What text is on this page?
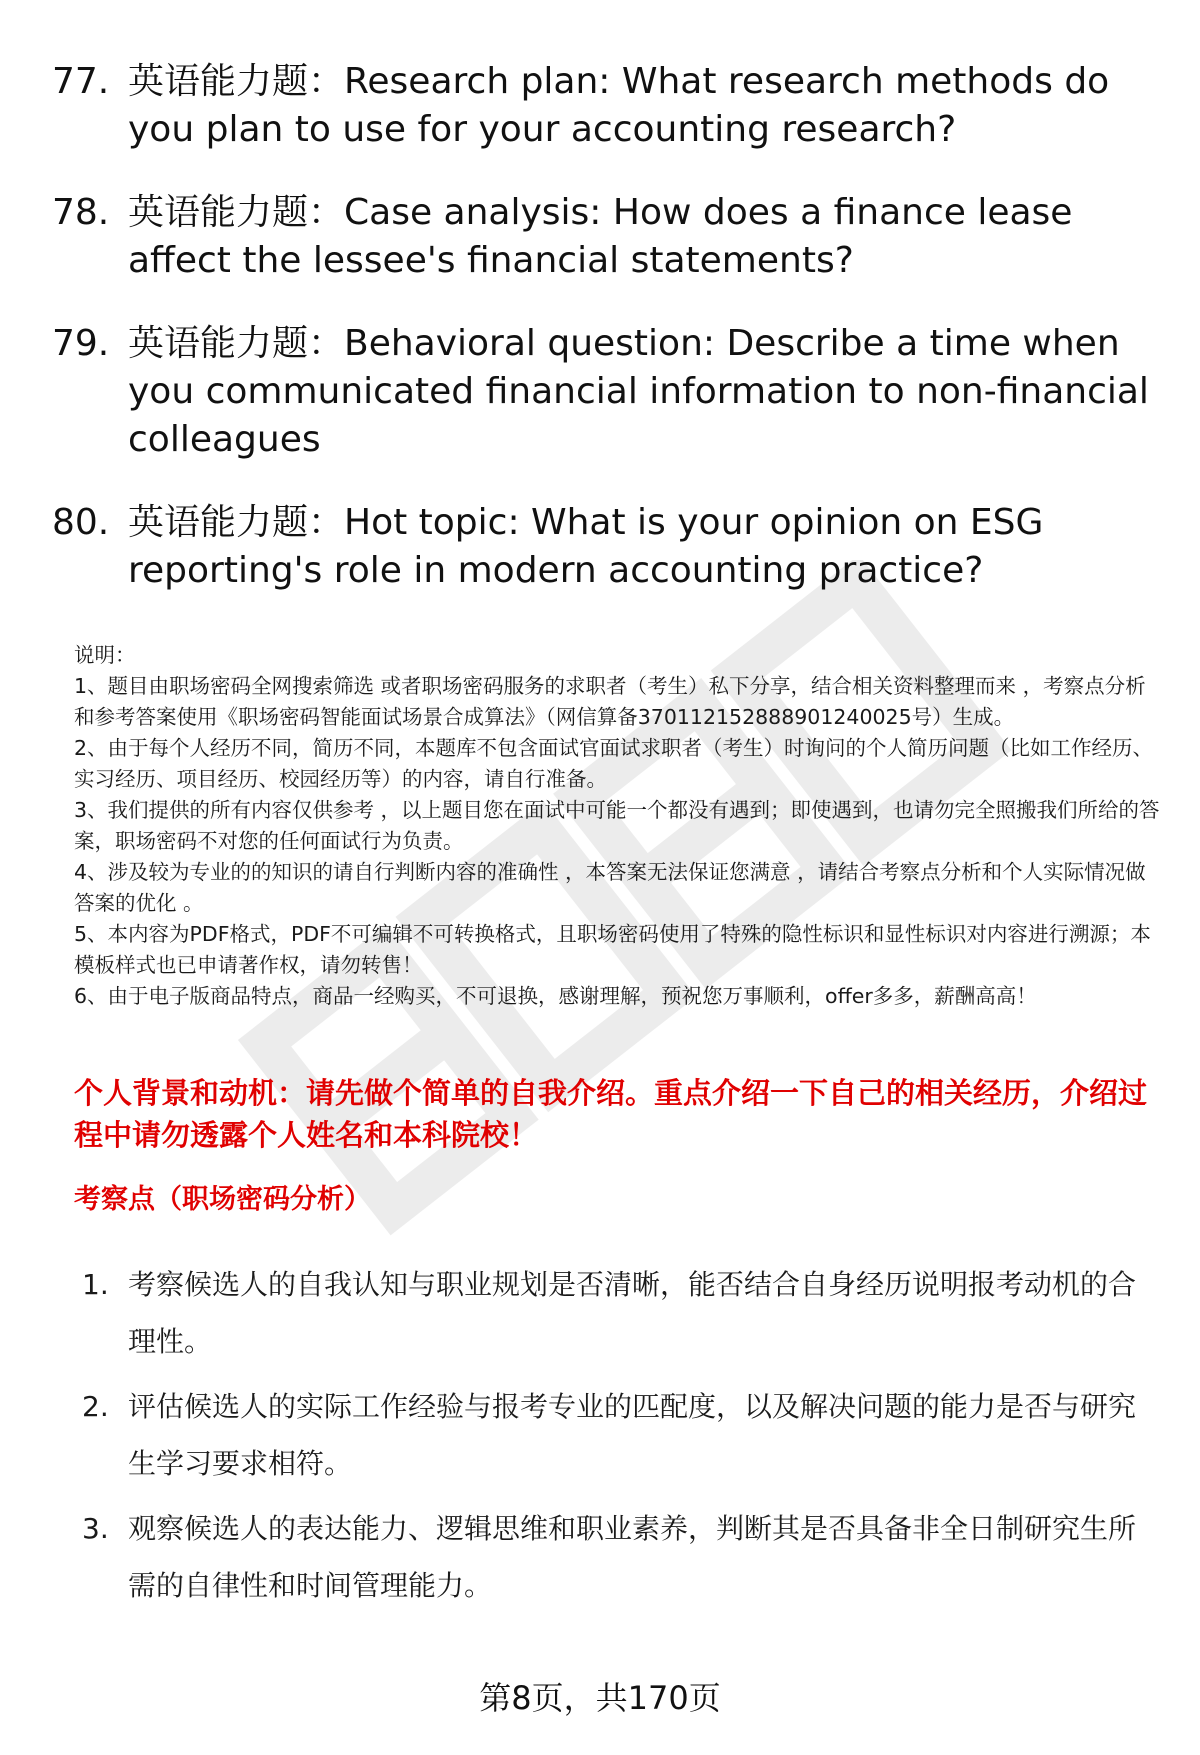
77. 英语能力题：Research plan: What research methods do you plan to use for your accounting research?
78. 英语能力题：Case analysis: How does a finance lease affect the lessee's financial statements?
79. 英语能力题：Behavioral question: Describe a time when you communicated financial information to non-financial colleagues
80. 英语能力题：Hot topic: What is your opinion on ESG reporting's role in modern accounting practice?

说明：

1、题目由职场密码全网搜索筛选 或者职场密码服务的求职者（考生）私下分享，结合相关资料整理而来 ，考察点分析和参考答案使用《职场密码智能面试场景合成算法》（网信算备370112152888901240025号）生成。

2、由于每个人经历不同，简历不同，本题库不包含面试官面试求职者（考生）时询问的个人简历问题（比如工作经历、实习经历、项目经历、校园经历等）的内容，请自行准备。

3、我们提供的所有内容仅供参考 ，以上题目您在面试中可能一个都没有遇到；即使遇到，也请勿完全照搬我们所给的答案，职场密码不对您的任何面试行为负责。

4、涉及较为专业的的知识的请自行判断内容的准确性 ，本答案无法保证您满意 ，请结合考察点分析和个人实际情况做答案的优化 。

5、本内容为PDF格式，PDF不可编辑不可转换格式，且职场密码使用了特殊的隐性标识和显性标识对内容进行溯源；本模板样式也已申请著作权，请勿转售！

6、由于电子版商品特点，商品一经购买，不可退换，感谢理解，预祝您万事顺利，offer多多，薪酬高高！

个人背景和动机：请先做个简单的自我介绍。重点介绍一下自己的相关经历，介绍过程中请勿透露个人姓名和本科院校！

考察点（职场密码分析）

1. 考察候选人的自我认知与职业规划是否清晰，能否结合自身经历说明报考动机的合理性。
2. 评估候选人的实际工作经验与报考专业的匹配度，以及解决问题的能力是否与研究生学习要求相符。
3. 观察候选人的表达能力、逻辑思维和职业素养，判断其是否具备非全日制研究生所需的自律性和时间管理能力。
第8页，共170页
